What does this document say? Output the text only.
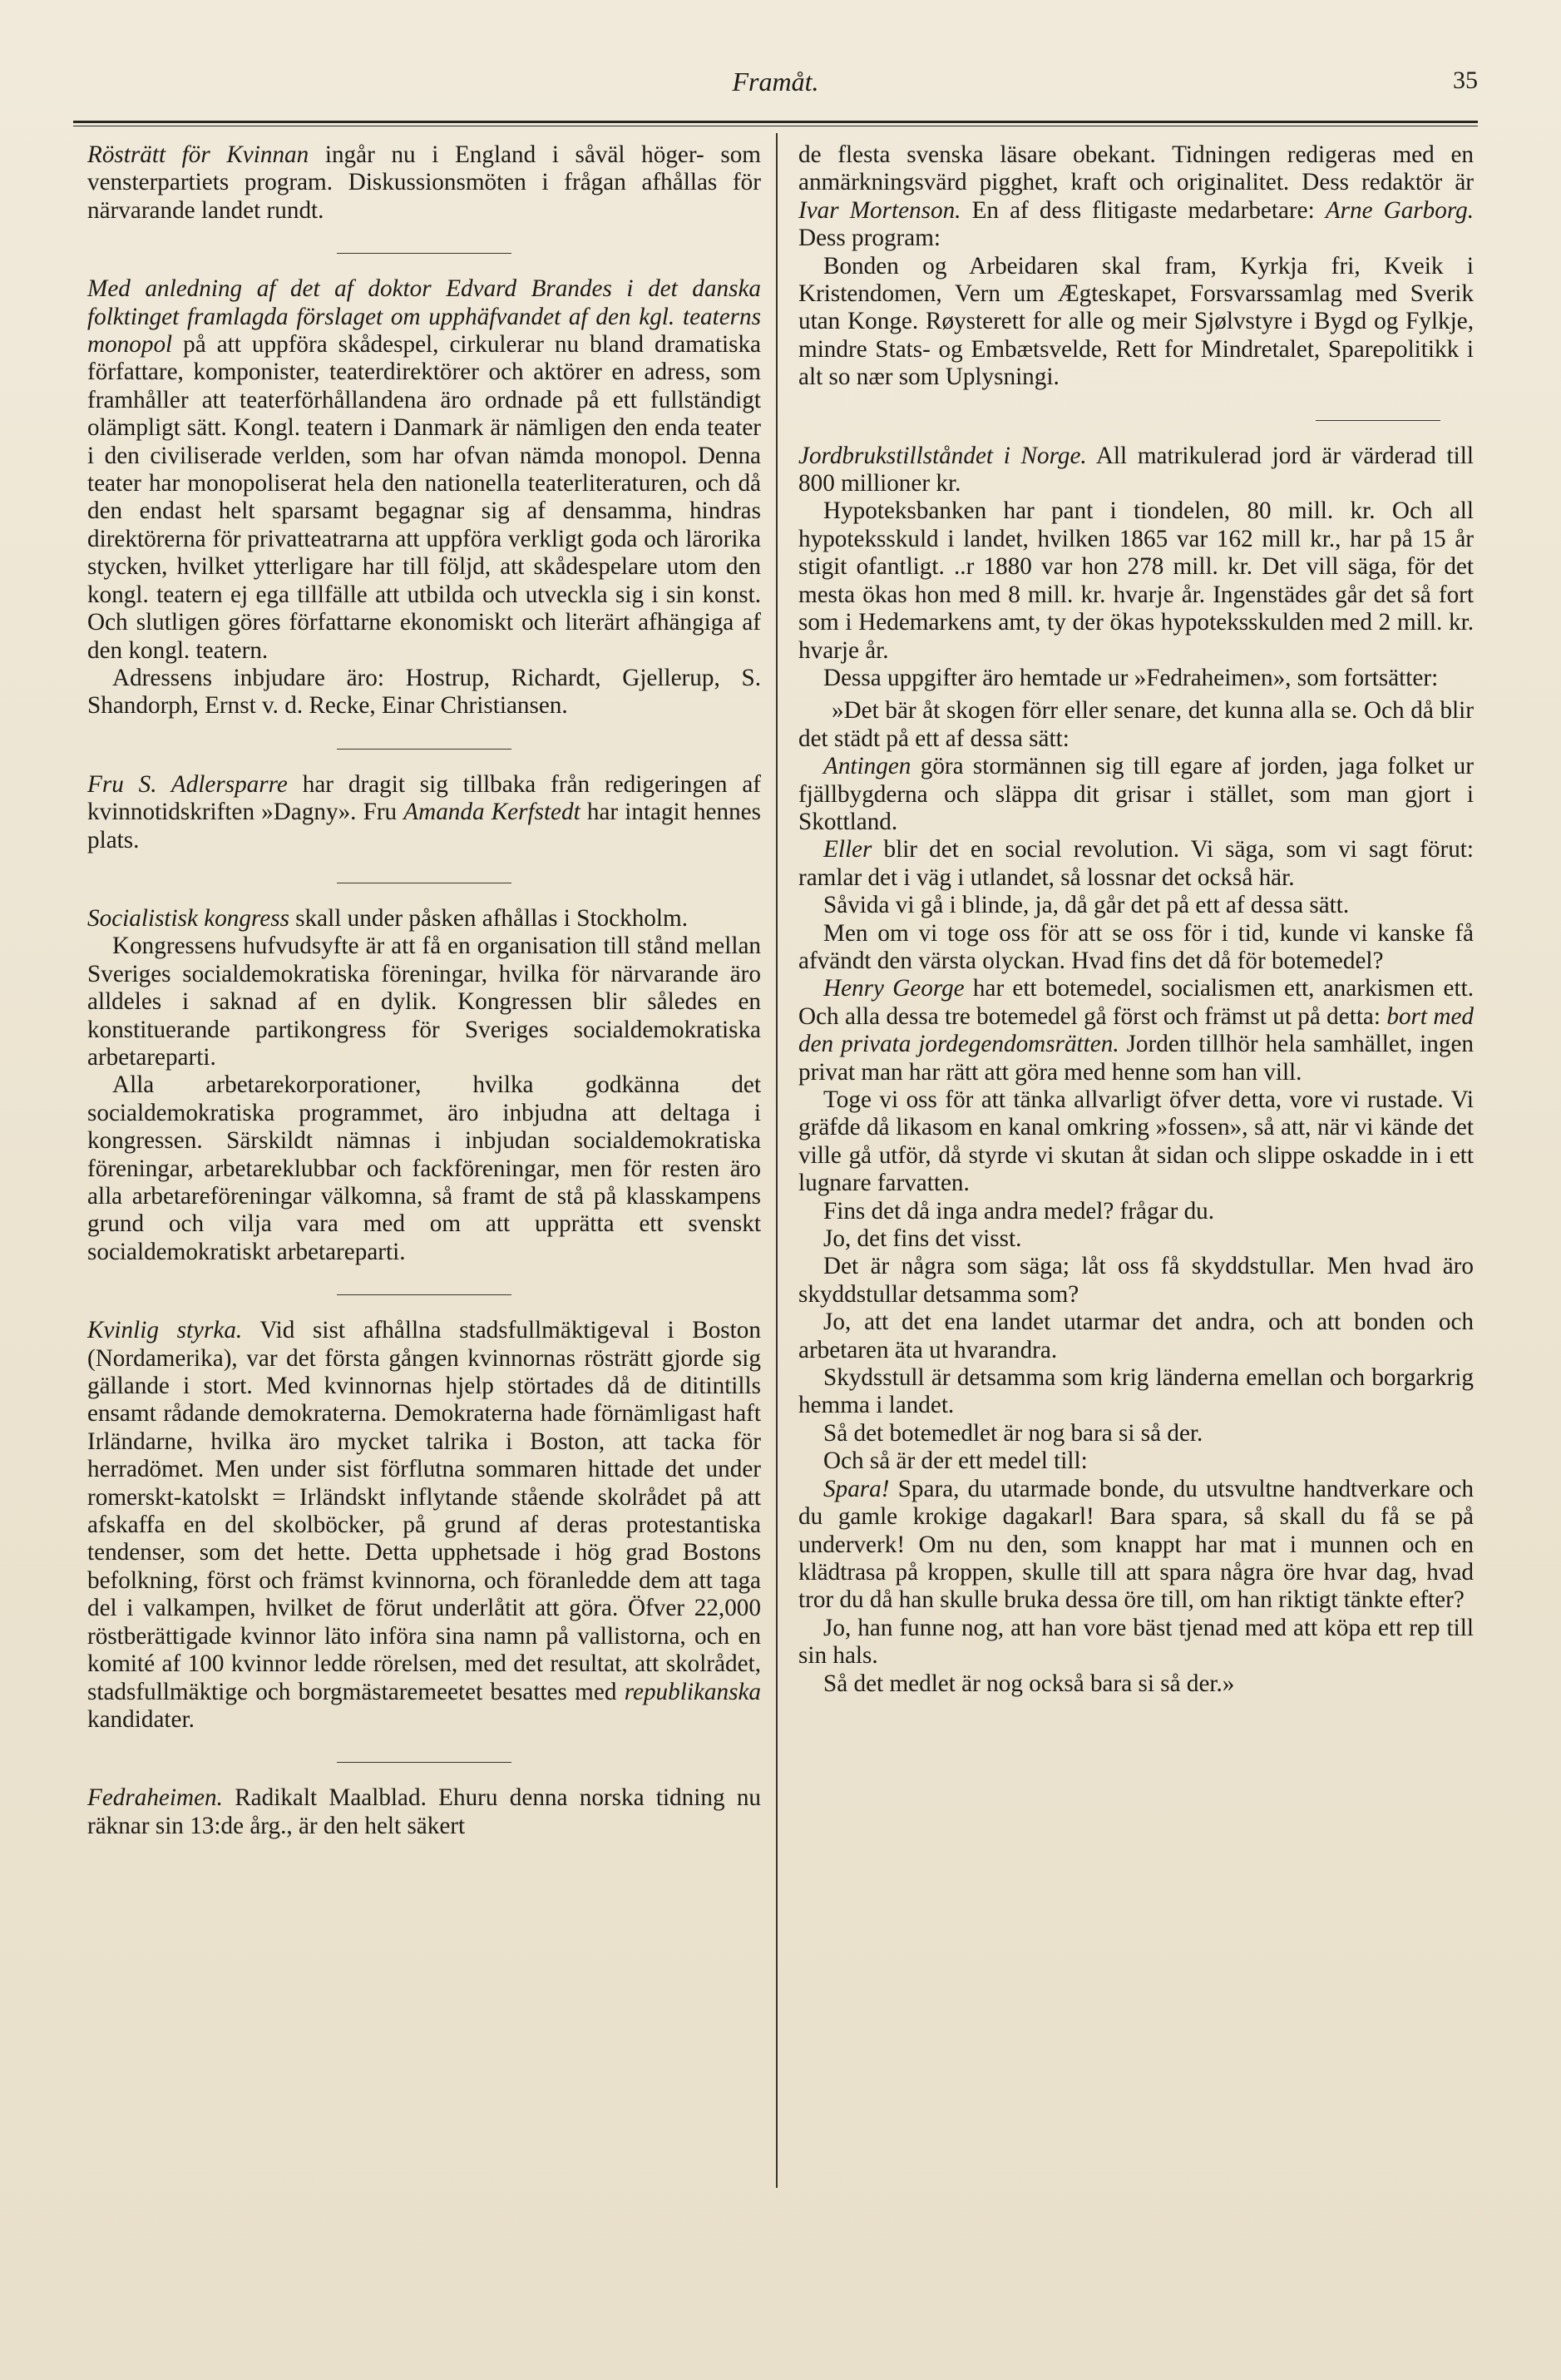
Framåt.	35

Rösträtt för Kvinnan ingår nu i England i såväl höger- som vensterpartiets program. Diskussionsmöten i frågan afhållas för närvarande landet rundt.

Med anledning af det af doktor Edvard Brandes i det danska folktinget framlagda förslaget om upphäfvandet af den kgl. teaterns monopol på att uppföra skådespel, cirkulerar nu bland dramatiska författare, komponister, teaterdirektörer och aktörer en adress, som framhåller att teaterförhållandena äro ordnade på ett fullständigt olämpligt sätt. Kongl. teatern i Danmark är nämligen den enda teater i den civiliserade verlden, som har ofvan nämda monopol. Denna teater har monopoliserat hela den nationella teaterliteraturen, och då den endast helt sparsamt begagnar sig af densamma, hindras direktörerna för privatteatrarna att uppföra verkligt goda och lärorika stycken, hvilket ytterligare har till följd, att skådespelare utom den kongl. teatern ej ega tillfälle att utbilda och utveckla sig i sin konst. Och slutligen göres författarne ekonomiskt och literärt afhängiga af den kongl. teatern.

Adressens inbjudare äro: Hostrup, Richardt, Gjellerup, S. Shandorph, Ernst v. d. Recke, Einar Christiansen.

Fru S. Adlersparre har dragit sig tillbaka från redigeringen af kvinnotidskriften »Dagny». Fru Amanda Kerfstedt har intagit hennes plats.

Socialistisk kongress skall under påsken afhållas i Stockholm.

Kongressens hufvudsyfte är att få en organisation till stånd mellan Sveriges socialdemokratiska föreningar, hvilka för närvarande äro alldeles i saknad af en dylik. Kongressen blir således en konstituerande partikongress för Sveriges socialdemokratiska arbetareparti.

Alla arbetarekorporationer, hvilka godkänna det socialdemokratiska programmet, äro inbjudna att deltaga i kongressen. Särskildt nämnas i inbjudan socialdemokratiska föreningar, arbetareklubbar och fackföreningar, men för resten äro alla arbetareföreningar välkomna, så framt de stå på klasskampens grund och vilja vara med om att upprätta ett svenskt socialdemokratiskt arbetareparti.

Kvinlig styrka. Vid sist afhållna stadsfullmäktigeval i Boston (Nordamerika), var det första gången kvinnornas rösträtt gjorde sig gällande i stort. Med kvinnornas hjelp störtades då de ditintills ensamt rådande demokraterna. Demokraterna hade förnämligast haft Irländarne, hvilka äro mycket talrika i Boston, att tacka för herradömet. Men under sist förflutna sommaren hittade det under romerskt-katolskt = Irländskt inflytande stående skolrådet på att afskaffa en del skolböcker, på grund af deras protestantiska tendenser, som det hette. Detta upphetsade i hög grad Bostons befolkning, först och främst kvinnorna, och föranledde dem att taga del i valkampen, hvilket de förut underlåtit att göra. Öfver 22,000 röstberättigade kvinnor läto införa sina namn på vallistorna, och en komité af 100 kvinnor ledde rörelsen, med det resultat, att skolrådet, stadsfullmäktige och borgmästaremeetet besattes med republikanska kandidater.

Fedraheimen. Radikalt Maalblad. Ehuru denna norska tidning nu räknar sin 13:de årg., är den helt säkert

de flesta svenska läsare obekant. Tidningen redigeras med en anmärkningsvärd pigghet, kraft och originalitet. Dess redaktör är Ivar Mortenson. En af dess flitigaste medarbetare: Arne Garborg. Dess program:

Bonden og Arbeidaren skal fram, Kyrkja fri, Kveik i Kristendomen, Vern um Ægteskapet, Forsvarssamlag med Sverik utan Konge. Røysterett for alle og meir Sjølvstyre i Bygd og Fylkje, mindre Stats- og Embætsvelde, Rett for Mindretalet, Sparepolitikk i alt so nær som Uplysningi.

Jordbrukstillståndet i Norge. All matrikulerad jord är värderad till 800 millioner kr.

Hypoteksbanken har pant i tiondelen, 80 mill. kr. Och all hypoteksskuld i landet, hvilken 1865 var 162 mill kr., har på 15 år stigit ofantligt. ..r 1880 var hon 278 mill. kr. Det vill säga, för det mesta ökas hon med 8 mill. kr. hvarje år. Ingenstädes går det så fort som i Hedemarkens amt, ty der ökas hypoteksskulden med 2 mill. kr. hvarje år.

Dessa uppgifter äro hemtade ur »Fedraheimen», som fortsätter:

»Det bär åt skogen förr eller senare, det kunna alla se. Och då blir det städt på ett af dessa sätt:

Antingen göra stormännen sig till egare af jorden, jaga folket ur fjällbygderna och släppa dit grisar i stället, som man gjort i Skottland.

Eller blir det en social revolution. Vi säga, som vi sagt förut: ramlar det i väg i utlandet, så lossnar det också här.

Såvida vi gå i blinde, ja, då går det på ett af dessa sätt.

Men om vi toge oss för att se oss för i tid, kunde vi kanske få afvändt den värsta olyckan. Hvad fins det då för botemedel?

Henry George har ett botemedel, socialismen ett, anarkismen ett. Och alla dessa tre botemedel gå först och främst ut på detta: bort med den privata jordegendomsrätten. Jorden tillhör hela samhället, ingen privat man har rätt att göra med henne som han vill.

Toge vi oss för att tänka allvarligt öfver detta, vore vi rustade. Vi gräfde då likasom en kanal omkring »fossen», så att, när vi kände det ville gå utför, då styrde vi skutan åt sidan och slippe oskadde in i ett lugnare farvatten.

Fins det då inga andra medel? frågar du.

Jo, det fins det visst.

Det är några som säga; låt oss få skyddstullar. Men hvad äro skyddstullar detsamma som?

Jo, att det ena landet utarmar det andra, och att bonden och arbetaren äta ut hvarandra.

Skydsstull är detsamma som krig länderna emellan och borgarkrig hemma i landet.

Så det botemedlet är nog bara si så der.

Och så är der ett medel till:

Spara! Spara, du utarmade bonde, du utsvultne handtverkare och du gamle krokige dagakarl! Bara spara, så skall du få se på underverk! Om nu den, som knappt har mat i munnen och en klädtrasa på kroppen, skulle till att spara några öre hvar dag, hvad tror du då han skulle bruka dessa öre till, om han riktigt tänkte efter?

Jo, han funne nog, att han vore bäst tjenad med att köpa ett rep till sin hals.

Så det medlet är nog också bara si så der.»
